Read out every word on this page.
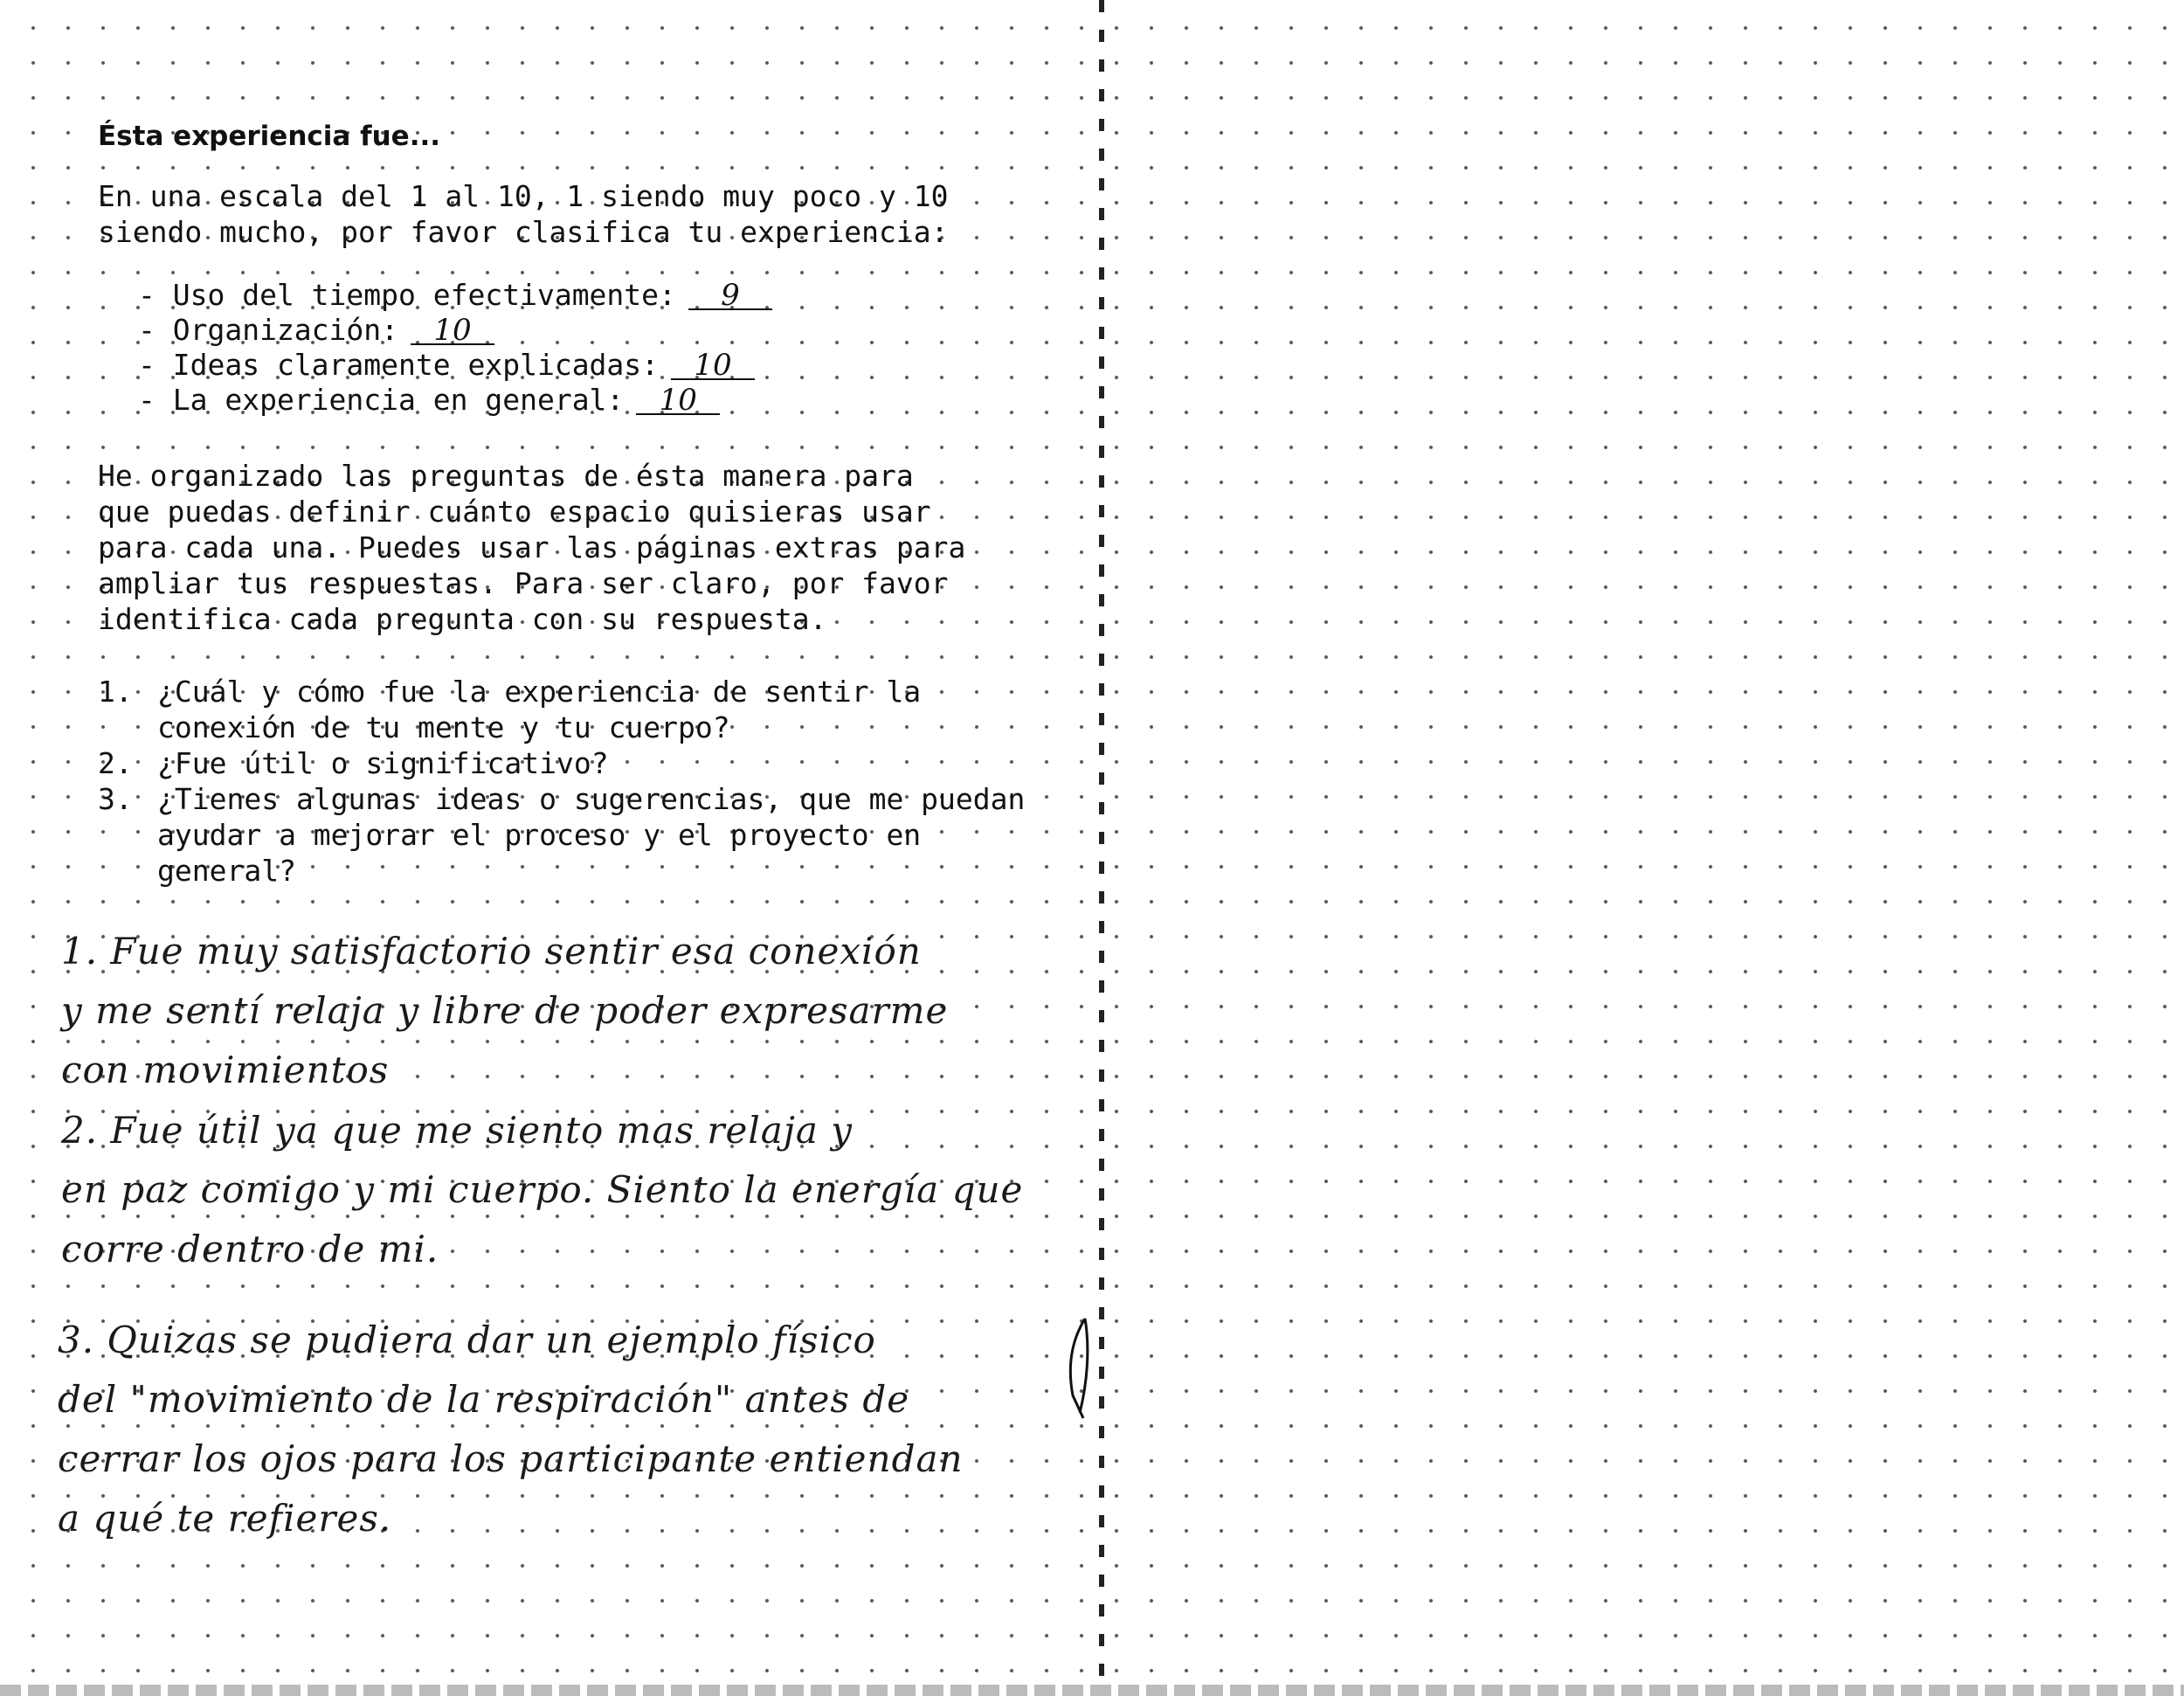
Ésta experiencia fue...

En una escala del 1 al 10, 1 siendo muy poco y 10

siendo mucho, por favor clasifica tu experiencia:

- Uso del tiempo efectivamente: 9
- Organización: 10
- Ideas claramente explicadas: 10
- La experiencia en general: 10

He organizado las preguntas de ésta manera para

que puedas definir cuánto espacio quisieras usar

para cada una. Puedes usar las páginas extras para

ampliar tus respuestas. Para ser claro, por favor

identifica cada pregunta con su respuesta.

1. ¿Cuál y cómo fue la experiencia de sentir la conexión de tu mente y tu cuerpo?
2. ¿Fue útil o significativo?
3. ¿Tienes algunas ideas o sugerencias, que me puedan ayudar a mejorar el proceso y el proyecto en general?
1. Fue muy satisfactorio sentir esa conexión
y me sentí relaja y libre de poder expresarme
con movimientos
2. Fue útil ya que me siento mas relaja y
en paz comigo y mi cuerpo. Siento la energía que
corre dentro de mi.
3. Quizas se pudiera dar un ejemplo físico
del "movimiento de la respiración" antes de
cerrar los ojos para los participante entiendan
a qué te refieres.
